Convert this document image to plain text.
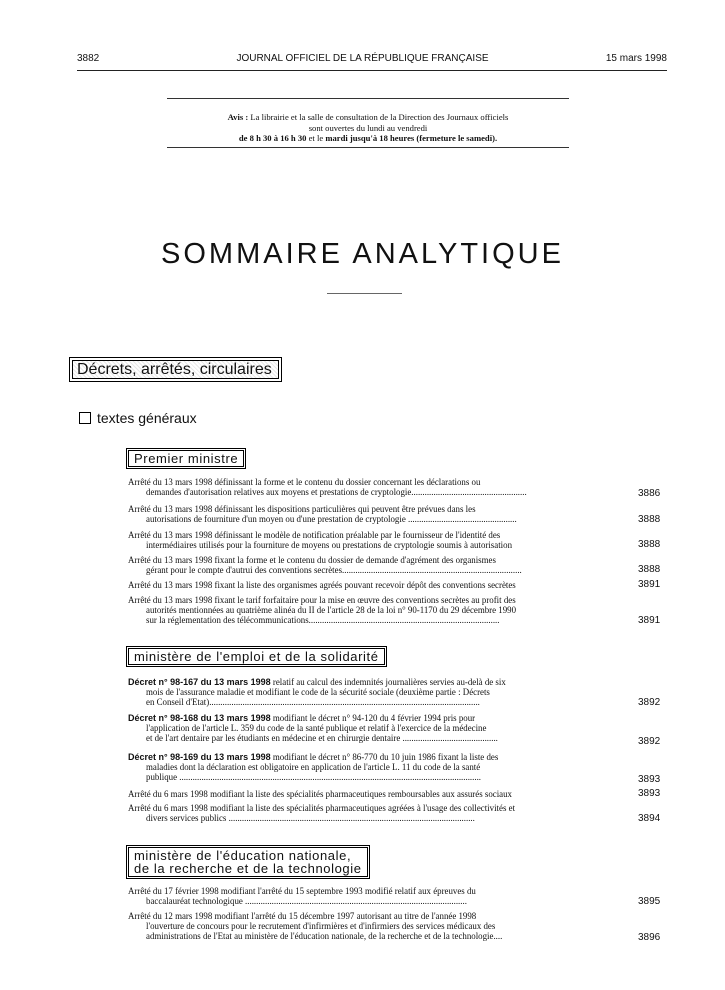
3882	JOURNAL OFFICIEL DE LA RÉPUBLIQUE FRANÇAISE	15 mars 1998
Avis : La librairie et la salle de consultation de la Direction des Journaux officiels
sont ouvertes du lundi au vendredi
de 8 h 30 à 16 h 30 et le mardi jusqu'à 18 heures (fermeture le samedi).
SOMMAIRE ANALYTIQUE
Décrets, arrêtés, circulaires
textes généraux
Premier ministre
Arrêté du 13 mars 1998 définissant la forme et le contenu du dossier concernant les déclarations ou
demandes d'autorisation relatives aux moyens et prestations de cryptologie....................................................	3886
Arrêté du 13 mars 1998 définissant les dispositions particulières qui peuvent être prévues dans les
autorisations de fourniture d'un moyen ou d'une prestation de cryptologie .................................................	3888
Arrêté du 13 mars 1998 définissant le modèle de notification préalable par le fournisseur de l'identité des
intermédiaires utilisés pour la fourniture de moyens ou prestations de cryptologie soumis à autorisation	3888
Arrêté du 13 mars 1998 fixant la forme et le contenu du dossier de demande d'agrément des organismes
gérant pour le compte d'autrui des conventions secrètes.................................................................................	3888
Arrêté du 13 mars 1998 fixant la liste des organismes agréés pouvant recevoir dépôt des conventions secrètes	3891
Arrêté du 13 mars 1998 fixant le tarif forfaitaire pour la mise en œuvre des conventions secrètes au profit des
autorités mentionnées au quatrième alinéa du II de l'article 28 de la loi n° 90-1170 du 29 décembre 1990
sur la réglementation des télécommunications......................................................................................	3891
ministère de l'emploi et de la solidarité
Décret n° 98-167 du 13 mars 1998 relatif au calcul des indemnités journalières servies au-delà de six
mois de l'assurance maladie et modifiant le code de la sécurité sociale (deuxième partie : Décrets
en Conseil d'Etat)..........................................................................................................................	3892
Décret n° 98-168 du 13 mars 1998 modifiant le décret n° 94-120 du 4 février 1994 pris pour
l'application de l'article L. 359 du code de la santé publique et relatif à l'exercice de la médecine
et de l'art dentaire par les étudiants en médecine et en chirurgie dentaire ...........................................	3892
Décret n° 98-169 du 13 mars 1998 modifiant le décret n° 86-770 du 10 juin 1986 fixant la liste des
maladies dont la déclaration est obligatoire en application de l'article L. 11 du code de la santé
publique ........................................................................................................................................	3893
Arrêté du 6 mars 1998 modifiant la liste des spécialités pharmaceutiques remboursables aux assurés sociaux	3893
Arrêté du 6 mars 1998 modifiant la liste des spécialités pharmaceutiques agréées à l'usage des collectivités et
divers services publics ...............................................................................................................	3894
ministère de l'éducation nationale,
de la recherche et de la technologie
Arrêté du 17 février 1998 modifiant l'arrêté du 15 septembre 1993 modifié relatif aux épreuves du
baccalauréat technologique ....................................................................................................	3895
Arrêté du 12 mars 1998 modifiant l'arrêté du 15 décembre 1997 autorisant au titre de l'année 1998
l'ouverture de concours pour le recrutement d'infirmières et d'infirmiers des services médicaux des
administrations de l'Etat au ministère de l'éducation nationale, de la recherche et de la technologie....	3896
